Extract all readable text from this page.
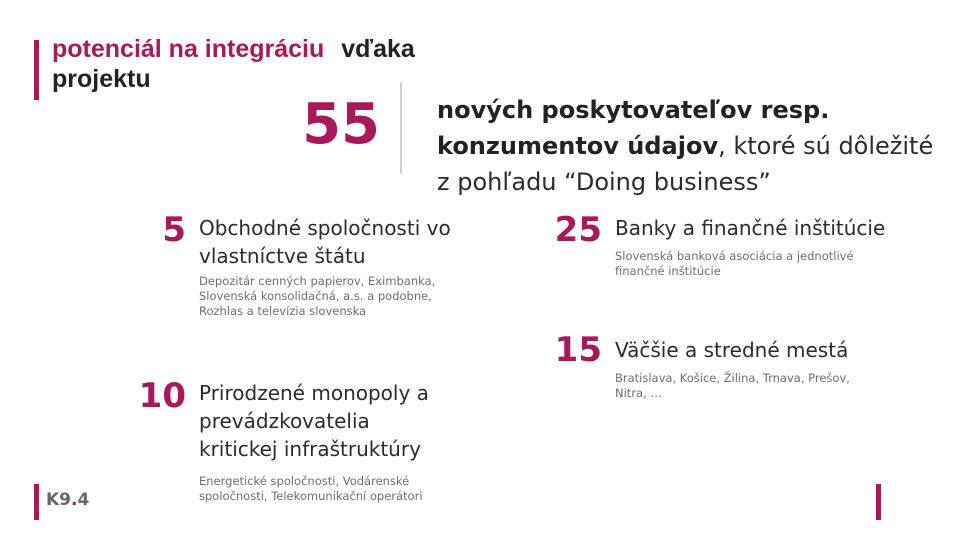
potenciál na integráciu vďaka
projektu
55 nových poskytovateľov resp. konzumentov údajov, ktoré sú dôležité z pohľadu “Doing business”
5 Obchodné spoločnosti vo vlastníctve štátu
Depozitár cenných papierov, Eximbanka, Slovenská konsolidačná, a.s. a podobne, Rozhlas a televízia slovenska
10 Prirodzené monopoly a prevádzkovatelia kritickej infraštruktúry
Energetické spoločnosti, Vodárenské spoločnosti, Telekomunikační operátori
25 Banky a finančné inštitúcie
Slovenská banková asociácia a jednotlivé finančné inštitúcie
15 Väčšie a stredné mestá
Bratislava, Košice, Žilina, Trnava, Prešov, Nitra, …
K9.4
